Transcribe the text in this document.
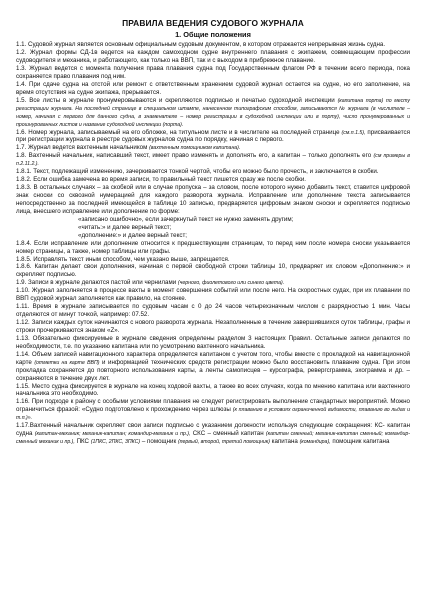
ПРАВИЛА ВЕДЕНИЯ СУДОВОГО ЖУРНАЛА
1. Общие положения

1.1. Судовой журнал является основным официальным судовым документом, в котором отражается непрерывная жизнь судна.

1.2. Журнал формы СД-1в ведется на каждом самоходном судне внутреннего плавания с экипажем, совмещающим профессии судоводителя и механика, и работающего, как только на ВВП, так и с выходом в прибрежное плавание.

1.3. Журнал ведется с момента получения права плавания судна под Государственным флагом РФ в течении всего периода, пока сохраняется право плавания под ним.

1.4. При сдаче судна на отстой или ремонт с ответственным хранением судовой журнал остается на судне, но его заполнение, на время отсутствия на судне экипажа, прерывается.

1.5. Все листы в журнале пронумеровываются и скрепляются подписью и печатью судоходной инспекции (капитана порта) по месту регистрации журнала. На последней странице в специальном штампе, нанесенном типографским способом, записываются № журнала (в числителе – номер, начиная с первого для данного судна, в знаменателе – номер регистрации в судоходной инспекции или в порту), число пронумерованных и прошнурованных листов и название судоходной инспекции (порта).

1.6. Номер журнала, записываемый на его обложке, на титульном листе и в числителе на последней странице (см.п.1.5), присваивается при регистрации журнала в реестре судовых журналов судна по порядку, начиная с первого.

1.7. Журнал ведется вахтенным начальником (вахтенным помощником капитана).

1.8. Вахтенный начальник, написавший текст, имеет право изменять и дополнять его, а капитан – только дополнять его (см примеры в п.2.11.2.).

1.8.1. Текст, подлежащий изменению, зачеркивается тонкой чертой, чтобы его можно было прочесть, и заключается в скобки.

1.8.2. Если ошибка замечена во время записи, то правильный текст пишется сразу же после скобки.

1.8.3. В остальных случаях – за скобкой или в случае пропуска – за словом, после которого нужно добавить текст, ставится цифровой знак сноски со сквозной нумерацией для каждого разворота журнала. Исправление или дополнение текста записывается непосредственно за последней имеющейся в таблице 10 записью, предваряется цифровым знаком сноски и скрепляется подписью лица, внесшего исправление или дополнение по форме:

«записано ошибочно», если зачеркнутый текст не нужно заменять другим;

«читать:» и далее верный текст;

«дополнение:» и далее верный текст;

1.8.4. Если исправление или дополнение относится к предшествующим страницам, то перед ним после номера сноски указывается номер страницы, а также, номер таблицы или графы.

1.8.5. Исправлять текст иным способом, чем указано выше, запрещается.

1.8.6. Капитан делает свои дополнения, начиная с первой свободной строки таблицы 10, предваряет их словом «Дополнение:» и скрепляет подписью.

1.9. Записи в журнале делаются пастой или чернилами (черного, фиолетового или синего цвета).

1.10. Журнал заполняется в процессе вахты в момент совершения событий или после него. На скоростных судах, при их плавании по ВВП судовой журнал заполняется как правило, на стоянке.

1.11. Время в журнале записывается по судовым часам с 0 до 24 часов четырехзначным числом с разрядностью 1 мин. Часы отделяются от минут точкой, например: 07.52.

1.12. Записи каждых суток начинаются с нового разворота журнала. Незаполненные в течение завершившихся суток таблицы, графы и строки прочеркиваются знаком «Z».

1.13. Обязательно фиксируемые в журнале сведения определены разделом 3 настоящих Правил. Остальные записи делаются по необходимости, т.е. по указанию капитана или по усмотрению вахтенного начальника.

1.14. Объем записей навигационного характера определяется капитаном с учетом того, чтобы вместе с прокладкой на навигационной карте (отметки на карте ВВП) и информацией технических средств регистрации можно было восстановить плавание судна. При этом прокладка сохраняется до повторного использования карты, а ленты самописцев – курсографа, ревергсграмма, эхограмма и др. – сохраняются в течение двух лет.

1.15. Место судна фиксируется в журнале на конец ходовой вахты, а также во всех случаях, когда по мнению капитана или вахтенного начальника это необходимо.

1.16. При подходе к району с особыми условиями плавания не следует регистрировать выполнение стандартных мероприятий. Можно ограничиться фразой: «Судно подготовлено к прохождению через шлюзы (к плаванию в условиях ограниченной видимости, плаванию во льдах и т.п.)».

1.17.Вахтенный начальник скрепляет свои записи подписью с указанием должности используя следующие сокращения: КС- капитан судна (капитан-механик; механик-капитан; командир-механик и пр.), СКС – сменный капитан (капитан сменный; механик-капитан сменный; командир-сменный механик и пр.), ПКС (1ПКС, 2ПКС, 3ПКС) – помощник (первый, второй, третий помощник) капитана (командира), помощник капитана
